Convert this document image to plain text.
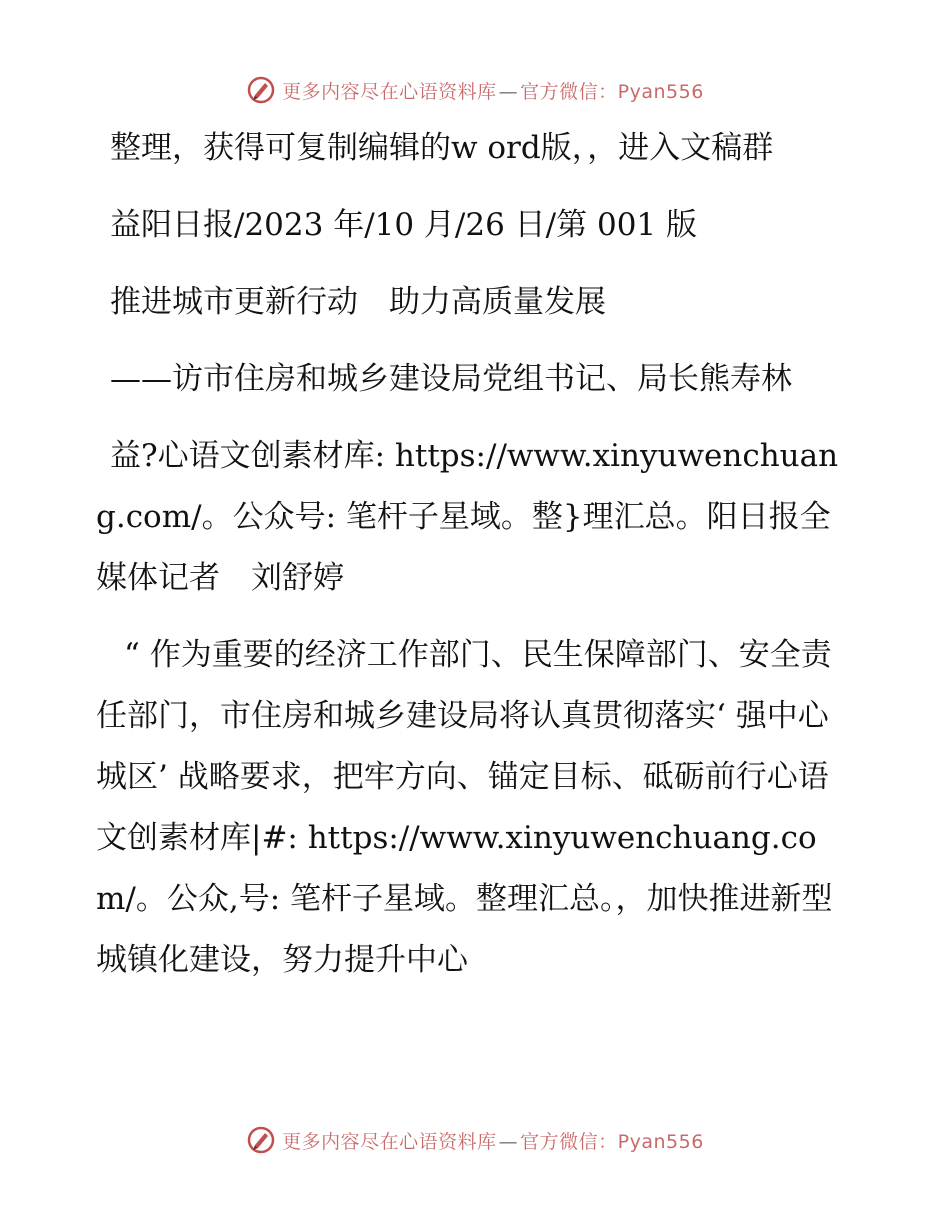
更多内容尽在心语资料库 — 官方微信：Pyan556

整理，获得可复制编辑的w ord版，，进入文稿群

益阳日报/2023 年/10 月/26 日/第 001 版

推进城市更新行动　助力高质量发展

——访市住房和城乡建设局党组书记、局长熊寿林

益?心语文创素材库: https://www.xinyuwenchuang.com/。公众号: 笔杆子星域。整}理汇总。阳日报全媒体记者　刘舒婷

“ 作为重要的经济工作部门、民生保障部门、安全责任部门，市住房和城乡建设局将认真贯彻落实‘ 强中心城区’ 战略要求，把牢方向、锚定目标、砥砺前行心语文创素材库|#: https://www.xinyuwenchuang.com/。公众,号: 笔杆子星域。整理汇总。，加快推进新型城镇化建设，努力提升中心

更多内容尽在心语资料库 — 官方微信：Pyan556
